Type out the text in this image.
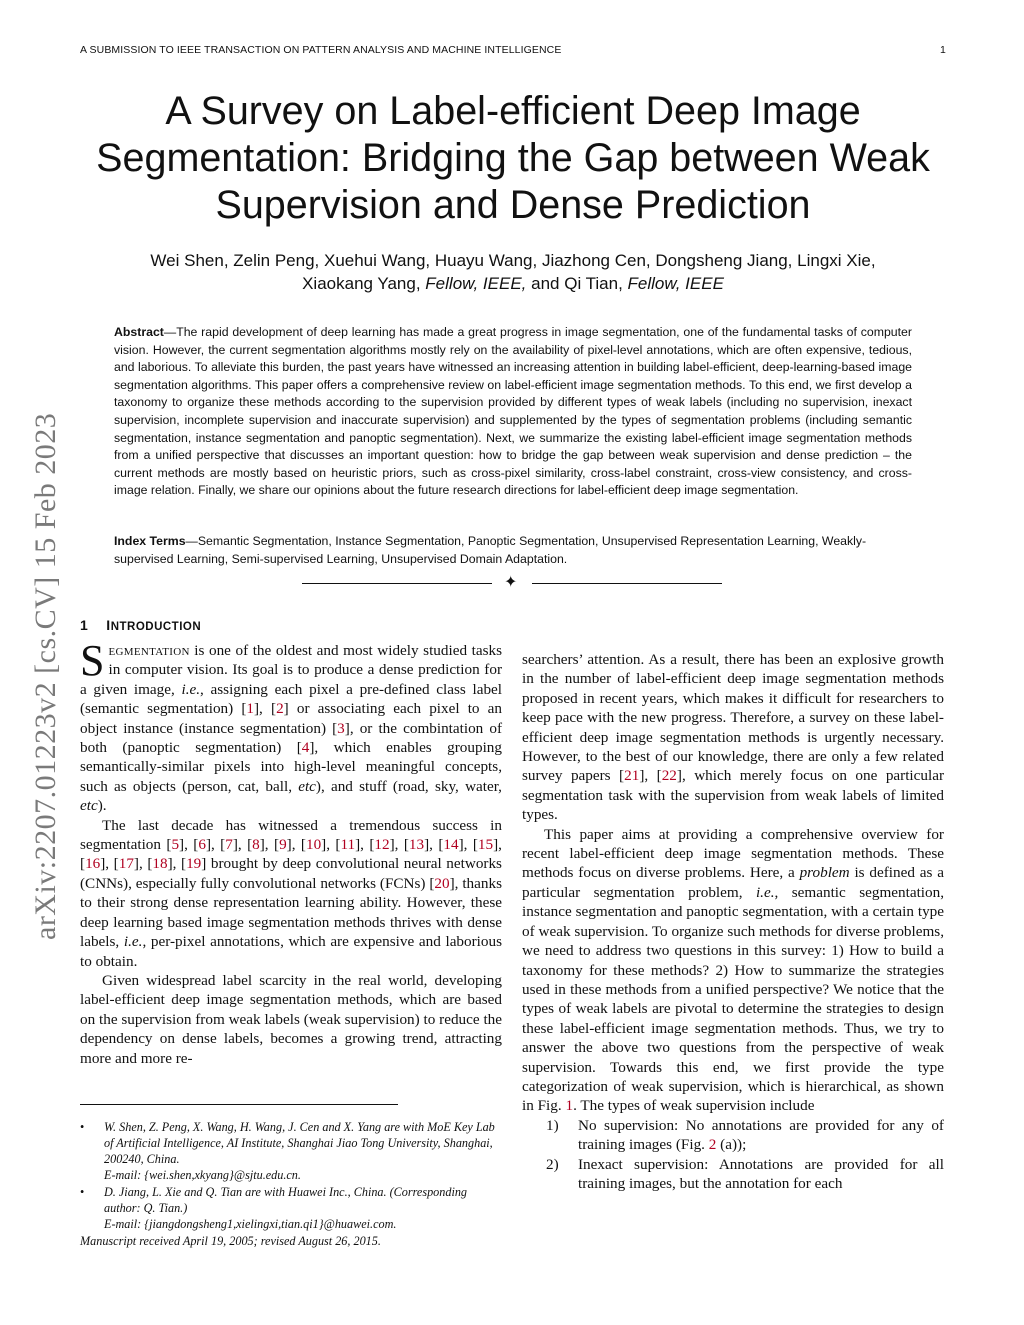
A SUBMISSION TO IEEE TRANSACTION ON PATTERN ANALYSIS AND MACHINE INTELLIGENCE	1
arXiv:2207.01223v2 [cs.CV] 15 Feb 2023
A Survey on Label-efficient Deep Image Segmentation: Bridging the Gap between Weak Supervision and Dense Prediction
Wei Shen, Zelin Peng, Xuehui Wang, Huayu Wang, Jiazhong Cen, Dongsheng Jiang, Lingxi Xie,
Xiaokang Yang, Fellow, IEEE, and Qi Tian, Fellow, IEEE
Abstract—The rapid development of deep learning has made a great progress in image segmentation, one of the fundamental tasks of computer vision. However, the current segmentation algorithms mostly rely on the availability of pixel-level annotations, which are often expensive, tedious, and laborious. To alleviate this burden, the past years have witnessed an increasing attention in building label-efficient, deep-learning-based image segmentation algorithms. This paper offers a comprehensive review on label-efficient image segmentation methods. To this end, we first develop a taxonomy to organize these methods according to the supervision provided by different types of weak labels (including no supervision, inexact supervision, incomplete supervision and inaccurate supervision) and supplemented by the types of segmentation problems (including semantic segmentation, instance segmentation and panoptic segmentation). Next, we summarize the existing label-efficient image segmentation methods from a unified perspective that discusses an important question: how to bridge the gap between weak supervision and dense prediction – the current methods are mostly based on heuristic priors, such as cross-pixel similarity, cross-label constraint, cross-view consistency, and cross-image relation. Finally, we share our opinions about the future research directions for label-efficient deep image segmentation.
Index Terms—Semantic Segmentation, Instance Segmentation, Panoptic Segmentation, Unsupervised Representation Learning, Weakly-supervised Learning, Semi-supervised Learning, Unsupervised Domain Adaptation.
✦
1 INTRODUCTION

Segmentation is one of the oldest and most widely studied tasks in computer vision. Its goal is to produce a dense prediction for a given image, i.e., assigning each pixel a pre-defined class label (semantic segmentation) [1], [2] or associating each pixel to an object instance (instance segmentation) [3], or the combintation of both (panoptic segmentation) [4], which enables grouping semantically-similar pixels into high-level meaningful concepts, such as objects (person, cat, ball, etc), and stuff (road, sky, water, etc).

The last decade has witnessed a tremendous success in segmentation [5], [6], [7], [8], [9], [10], [11], [12], [13], [14], [15], [16], [17], [18], [19] brought by deep convolutional neural networks (CNNs), especially fully convolutional networks (FCNs) [20], thanks to their strong dense representation learning ability. However, these deep learning based image segmentation methods thrives with dense labels, i.e., per-pixel annotations, which are expensive and laborious to obtain.

Given widespread label scarcity in the real world, developing label-efficient deep image segmentation methods, which are based on the supervision from weak labels (weak supervision) to reduce the dependency on dense labels, becomes a growing trend, attracting more and more re-

searchers’ attention. As a result, there has been an explosive growth in the number of label-efficient deep image segmentation methods proposed in recent years, which makes it difficult for researchers to keep pace with the new progress. Therefore, a survey on these label-efficient deep image segmentation methods is urgently necessary. However, to the best of our knowledge, there are only a few related survey papers [21], [22], which merely focus on one particular segmentation task with the supervision from weak labels of limited types.

This paper aims at providing a comprehensive overview for recent label-efficient deep image segmentation methods. These methods focus on diverse problems. Here, a problem is defined as a particular segmentation problem, i.e., semantic segmentation, instance segmentation and panoptic segmentation, with a certain type of weak supervision. To organize such methods for diverse problems, we need to address two questions in this survey: 1) How to build a taxonomy for these methods? 2) How to summarize the strategies used in these methods from a unified perspective? We notice that the types of weak labels are pivotal to determine the strategies to design these label-efficient image segmentation methods. Thus, we try to answer the above two questions from the perspective of weak supervision. Towards this end, we first provide the type categorization of weak supervision, which is hierarchical, as shown in Fig. 1. The types of weak supervision include

1) No supervision: No annotations are provided for any of training images (Fig. 2 (a));
2) Inexact supervision: Annotations are provided for all training images, but the annotation for each
• W. Shen, Z. Peng, X. Wang, H. Wang, J. Cen and X. Yang are with MoE Key Lab of Artificial Intelligence, AI Institute, Shanghai Jiao Tong University, Shanghai, 200240, China.
E-mail: {wei.shen,xkyang}@sjtu.edu.cn.
• D. Jiang, L. Xie and Q. Tian are with Huawei Inc., China. (Corresponding author: Q. Tian.)
E-mail: {jiangdongsheng1,xielingxi,tian.qi1}@huawei.com.
Manuscript received April 19, 2005; revised August 26, 2015.
